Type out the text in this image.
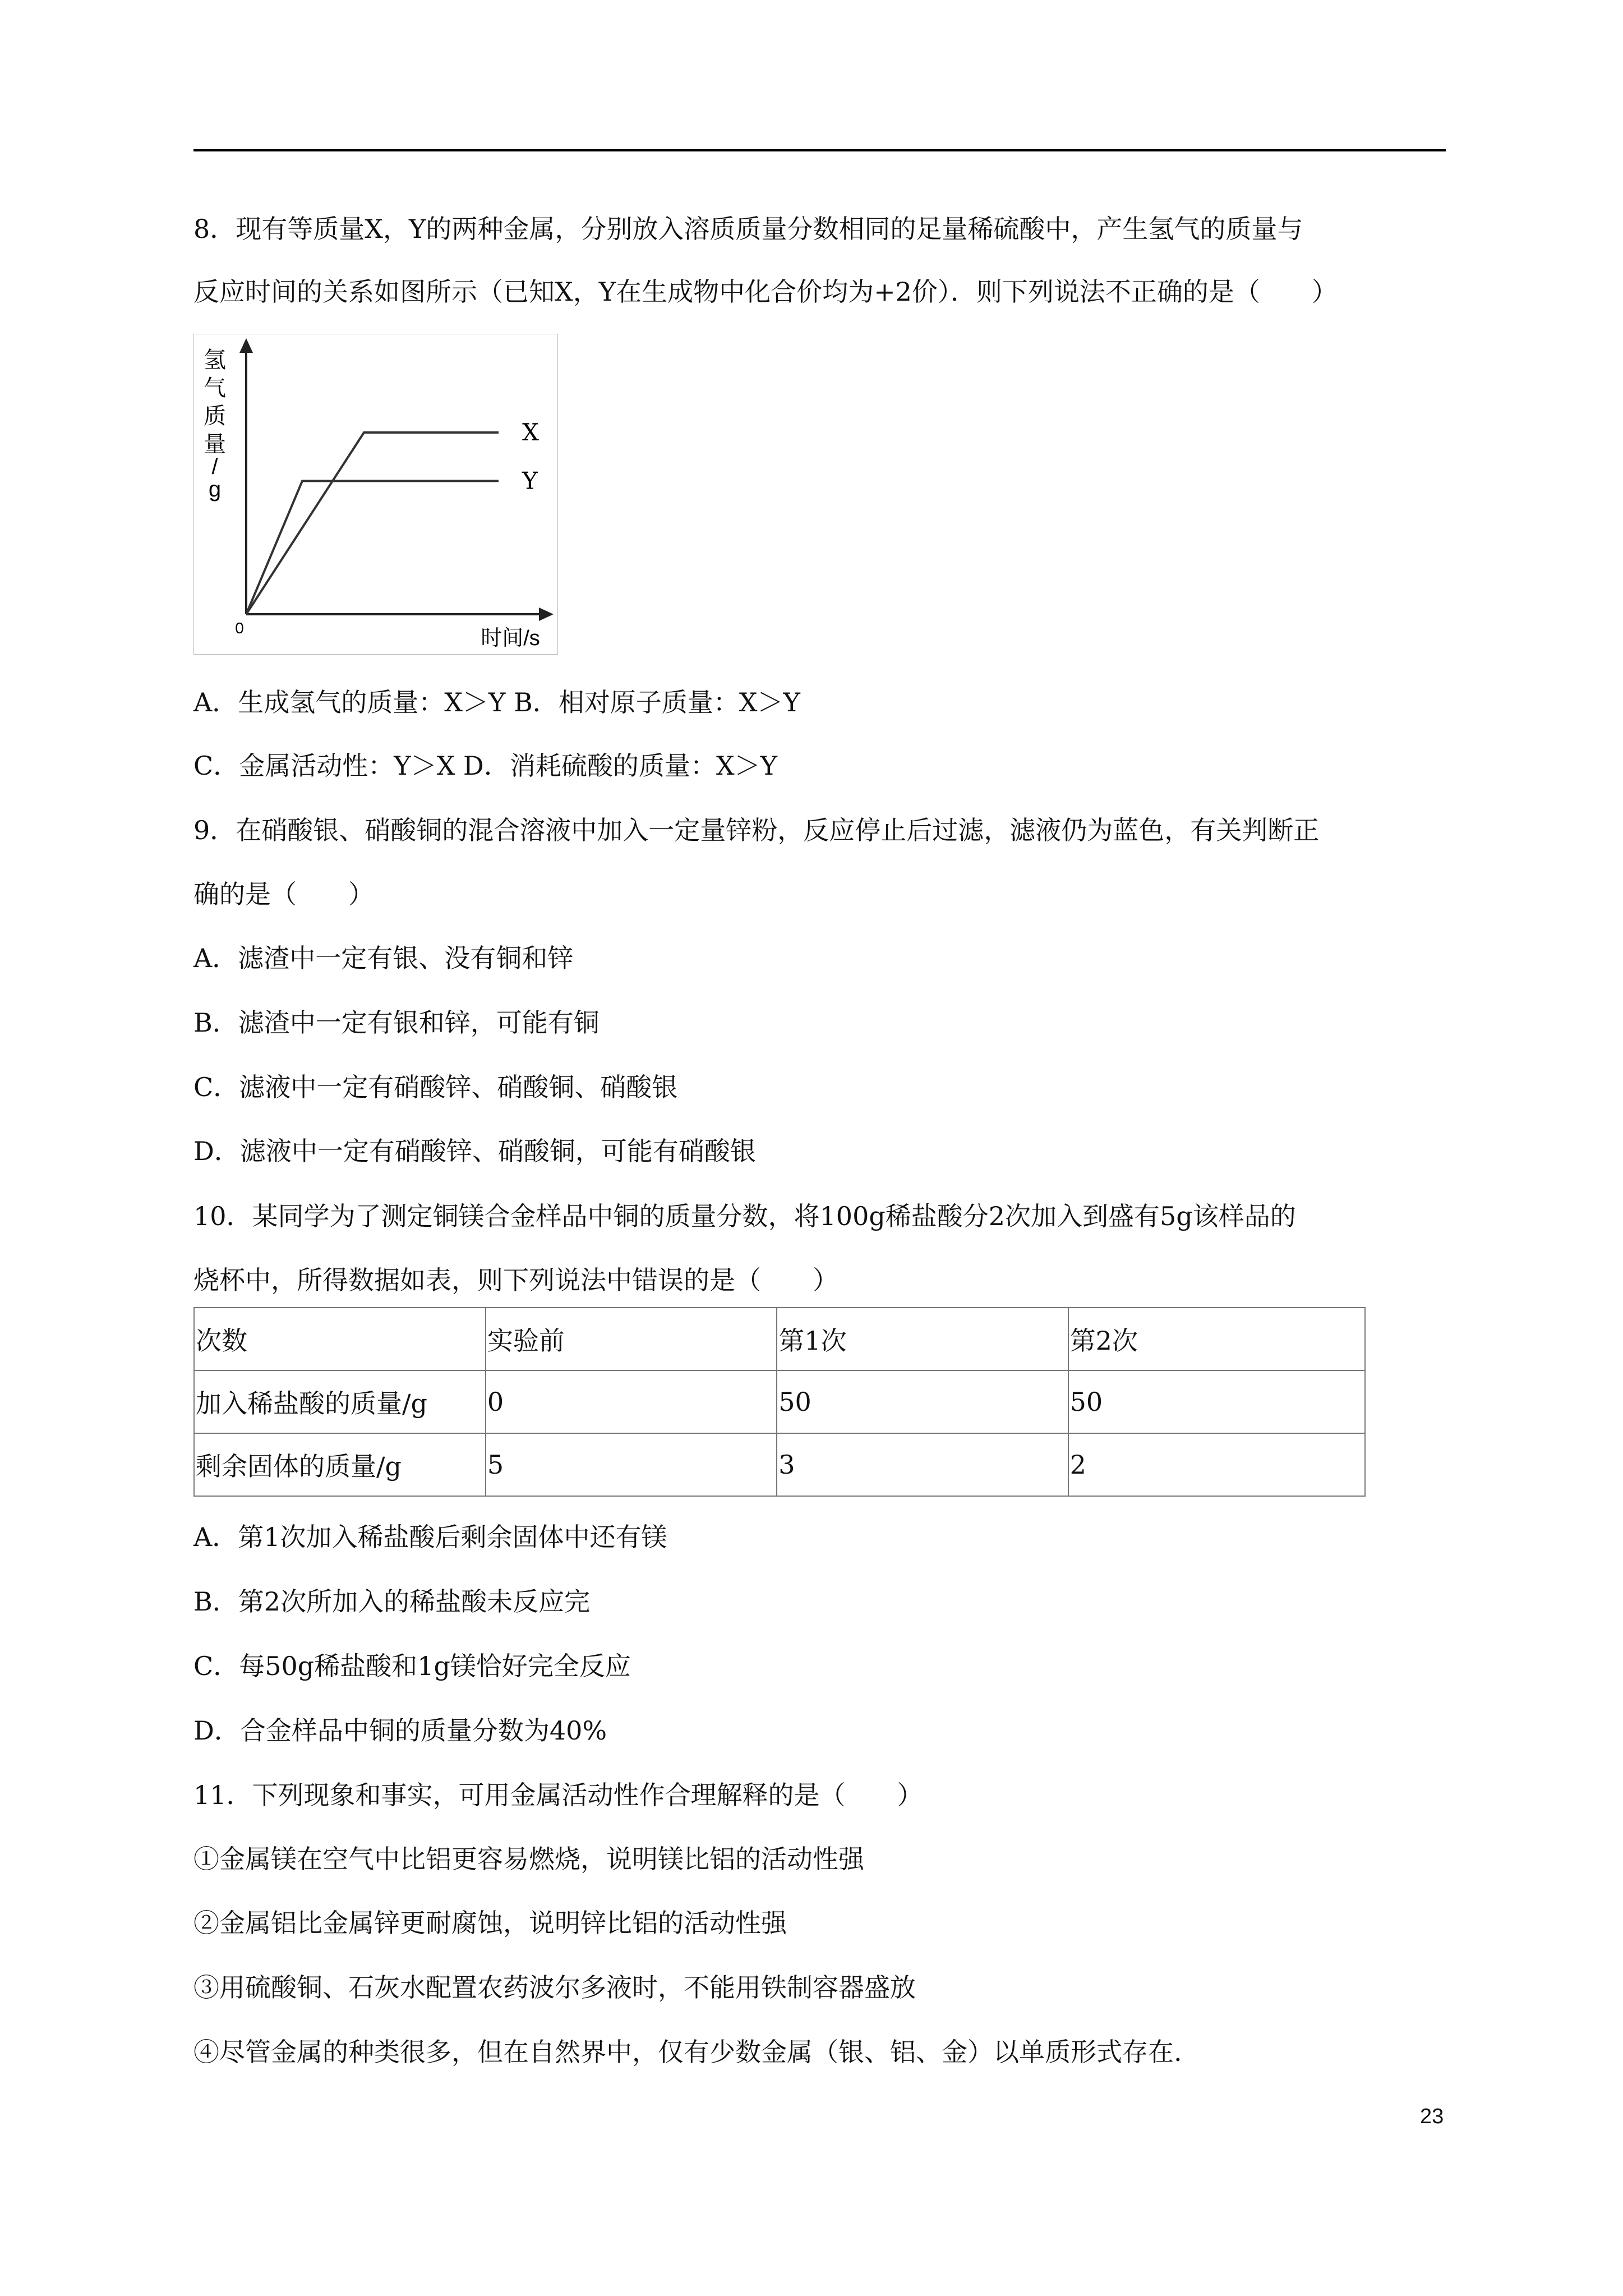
8．现有等质量X，Y的两种金属，分别放入溶质质量分数相同的足量稀硫酸中，产生氢气的质量与
反应时间的关系如图所示（已知X，Y在生成物中化合价均为+2价）．则下列说法不正确的是（　　）
0
氢气质量/ g
时间/s
X
Y
A．生成氢气的质量：X＞Y B．相对原子质量：X＞Y
C．金属活动性：Y＞X D．消耗硫酸的质量：X＞Y
9．在硝酸银、硝酸铜的混合溶液中加入一定量锌粉，反应停止后过滤，滤液仍为蓝色，有关判断正
确的是（　　）
A．滤渣中一定有银、没有铜和锌
B．滤渣中一定有银和锌，可能有铜
C．滤液中一定有硝酸锌、硝酸铜、硝酸银
D．滤液中一定有硝酸锌、硝酸铜，可能有硝酸银
10．某同学为了测定铜镁合金样品中铜的质量分数，将100g稀盐酸分2次加入到盛有5g该样品的
烧杯中，所得数据如表，则下列说法中错误的是（　　）
次数	实验前	第1次	第2次
加入稀盐酸的质量/g	0	50	50
剩余固体的质量/g	5	3	2
A．第1次加入稀盐酸后剩余固体中还有镁
B．第2次所加入的稀盐酸未反应完
C．每50g稀盐酸和1g镁恰好完全反应
D．合金样品中铜的质量分数为40%
11．下列现象和事实，可用金属活动性作合理解释的是（　　）
①金属镁在空气中比铝更容易燃烧，说明镁比铝的活动性强
②金属铝比金属锌更耐腐蚀，说明锌比铝的活动性强
③用硫酸铜、石灰水配置农药波尔多液时，不能用铁制容器盛放
④尽管金属的种类很多，但在自然界中，仅有少数金属（银、铝、金）以单质形式存在.
23
